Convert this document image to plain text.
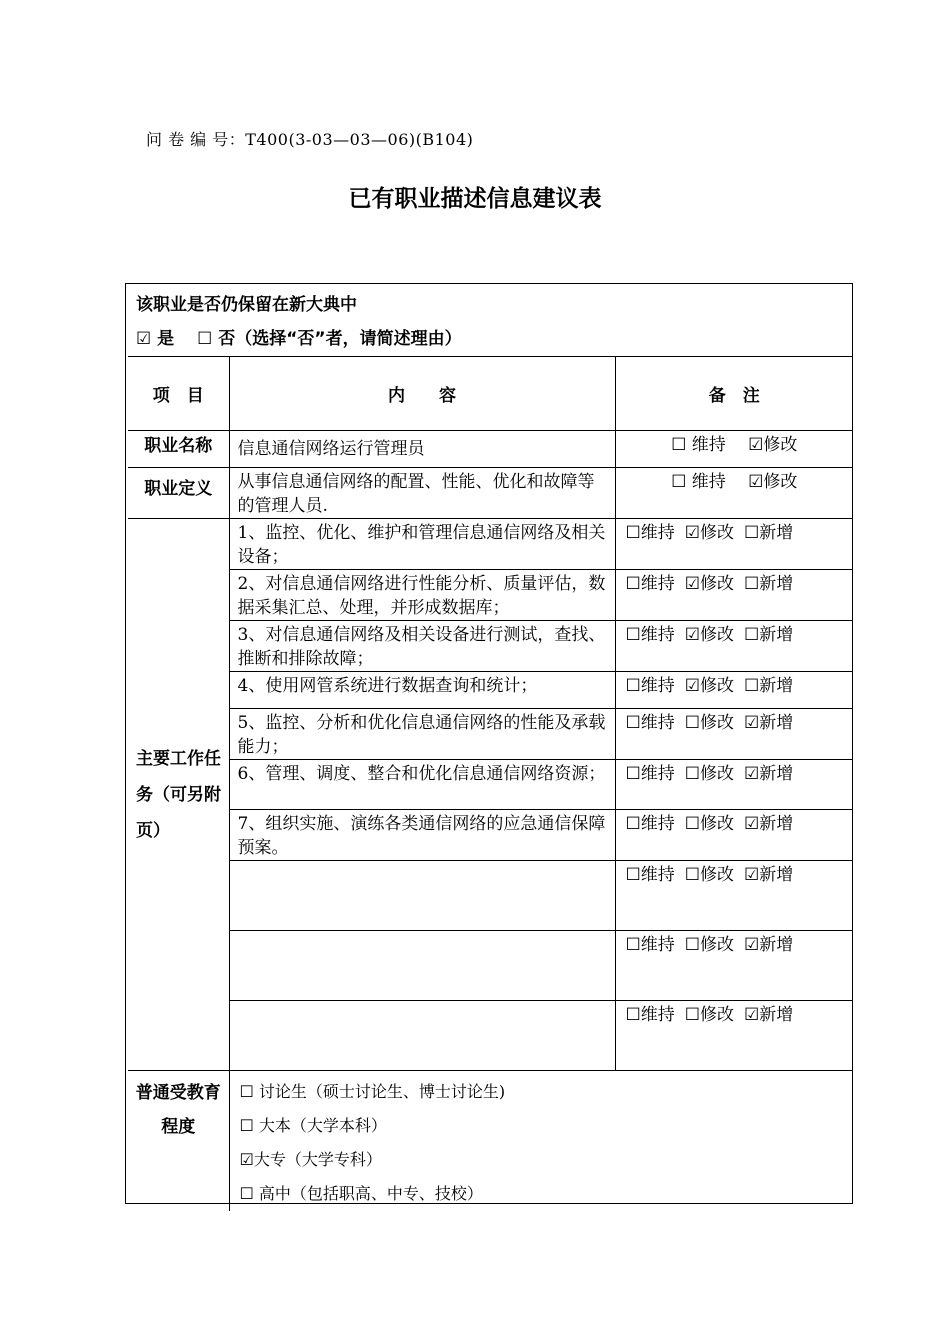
问 卷 编 号：T400(3-03—03—06)(B104)
已有职业描述信息建议表
该职业是否仍保留在新大典中
☑ 是　 ☐ 否（选择“否”者，请简述理由）		

项　目	内　　容	备　注
职业名称	信息通信网络运行管理员	☐ 维持　 ☑修改
职业定义	从事信息通信网络的配置、性能、优化和故障等的管理人员.	☐ 维持　 ☑修改
主要工作任务（可另附页）	1、监控、优化、维护和管理信息通信网络及相关设备；	☐维持 ☑修改 ☐新增
	2、对信息通信网络进行性能分析、质量评估，数据采集汇总、处理，并形成数据库；	☐维持 ☑修改 ☐新增
	3、对信息通信网络及相关设备进行测试，查找、推断和排除故障；	☐维持 ☑修改 ☐新增
	4、使用网管系统进行数据查询和统计；	☐维持 ☑修改 ☐新增
	5、监控、分析和优化信息通信网络的性能及承载能力；	☐维持 ☐修改 ☑新增
	6、管理、调度、整合和优化信息通信网络资源；	☐维持 ☐修改 ☑新增
	7、组织实施、演练各类通信网络的应急通信保障预案。	☐维持 ☐修改 ☑新增
		☐维持 ☐修改 ☑新增
		☐维持 ☐修改 ☑新增
		☐维持 ☐修改 ☑新增
普通受教育程度	☐ 讨论生（硕士讨论生、博士讨论生)
☐ 大本（大学本科）
☑大专（大学专科）
☐ 高中（包括职高、中专、技校）	
